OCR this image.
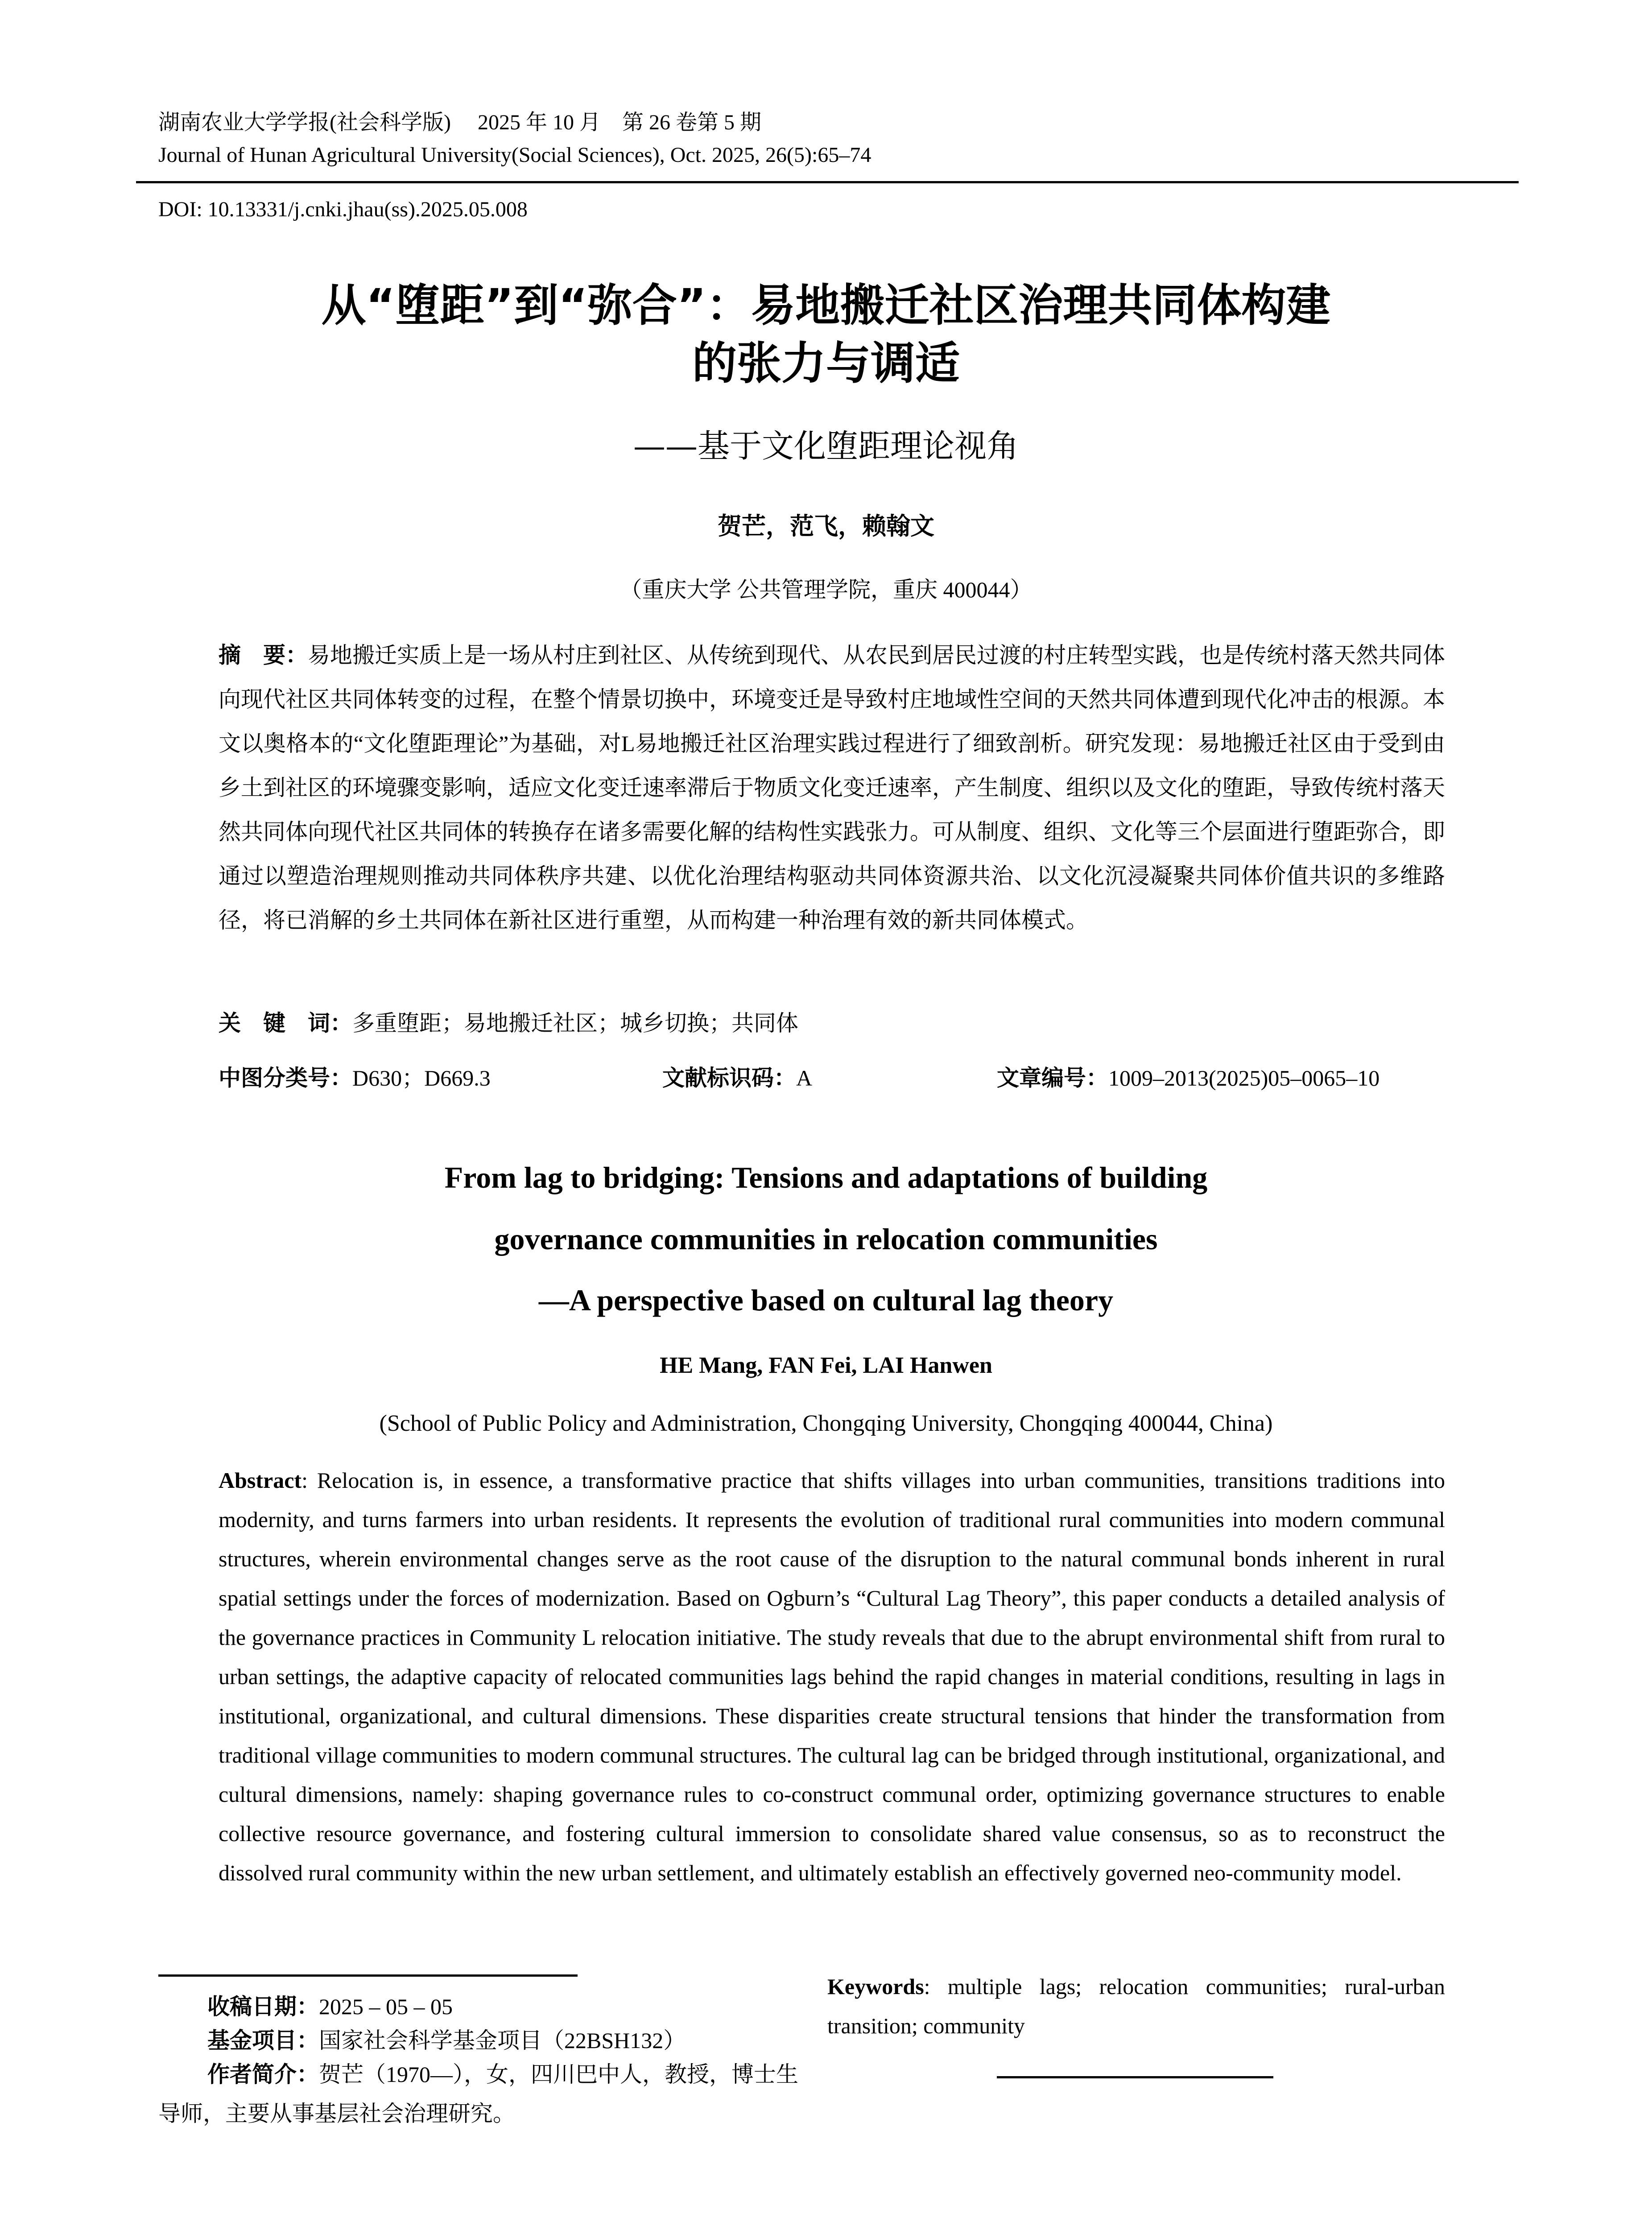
湖南农业大学学报(社会科学版) 2025 年 10 月　第 26 卷第 5 期
Journal of Hunan Agricultural University(Social Sciences), Oct. 2025, 26(5):65–74
DOI: 10.13331/j.cnki.jhau(ss).2025.05.008
从“堕距”到“弥合”：易地搬迁社区治理共同体构建
的张力与调适
——基于文化堕距理论视角
贺芒，范飞，赖翰文
（重庆大学 公共管理学院，重庆 400044）
摘　要：易地搬迁实质上是一场从村庄到社区、从传统到现代、从农民到居民过渡的村庄转型实践，也是传统村落天然共同体向现代社区共同体转变的过程，在整个情景切换中，环境变迁是导致村庄地域性空间的天然共同体遭到现代化冲击的根源。本文以奥格本的“文化堕距理论”为基础，对L易地搬迁社区治理实践过程进行了细致剖析。研究发现：易地搬迁社区由于受到由乡土到社区的环境骤变影响，适应文化变迁速率滞后于物质文化变迁速率，产生制度、组织以及文化的堕距，导致传统村落天然共同体向现代社区共同体的转换存在诸多需要化解的结构性实践张力。可从制度、组织、文化等三个层面进行堕距弥合，即通过以塑造治理规则推动共同体秩序共建、以优化治理结构驱动共同体资源共治、以文化沉浸凝聚共同体价值共识的多维路径，将已消解的乡土共同体在新社区进行重塑，从而构建一种治理有效的新共同体模式。
关　键　词：多重堕距；易地搬迁社区；城乡切换；共同体
中图分类号：D630；D669.3	文献标识码：A	文章编号：1009–2013(2025)05–0065–10
From lag to bridging: Tensions and adaptations of building
governance communities in relocation communities
—A perspective based on cultural lag theory
HE Mang, FAN Fei, LAI Hanwen
(School of Public Policy and Administration, Chongqing University, Chongqing 400044, China)
Abstract: Relocation is, in essence, a transformative practice that shifts villages into urban communities, transitions traditions into modernity, and turns farmers into urban residents. It represents the evolution of traditional rural communities into modern communal structures, wherein environmental changes serve as the root cause of the disruption to the natural communal bonds inherent in rural spatial settings under the forces of modernization. Based on Ogburn’s “Cultural Lag Theory”, this paper conducts a detailed analysis of the governance practices in Community L relocation initiative. The study reveals that due to the abrupt environmental shift from rural to urban settings, the adaptive capacity of relocated communities lags behind the rapid changes in material conditions, resulting in lags in institutional, organizational, and cultural dimensions. These disparities create structural tensions that hinder the transformation from traditional village communities to modern communal structures. The cultural lag can be bridged through institutional, organizational, and cultural dimensions, namely: shaping governance rules to co-construct communal order, optimizing governance structures to enable collective resource governance, and fostering cultural immersion to consolidate shared value consensus, so as to reconstruct the dissolved rural community within the new urban settlement, and ultimately establish an effectively governed neo-community model.

收稿日期：2025 – 05 – 05

基金项目：国家社会科学基金项目（22BSH132）

作者简介：贺芒（1970—），女，四川巴中人，教授，博士生导师，主要从事基层社会治理研究。

Keywords: multiple lags; relocation communities; rural-urban transition; community
